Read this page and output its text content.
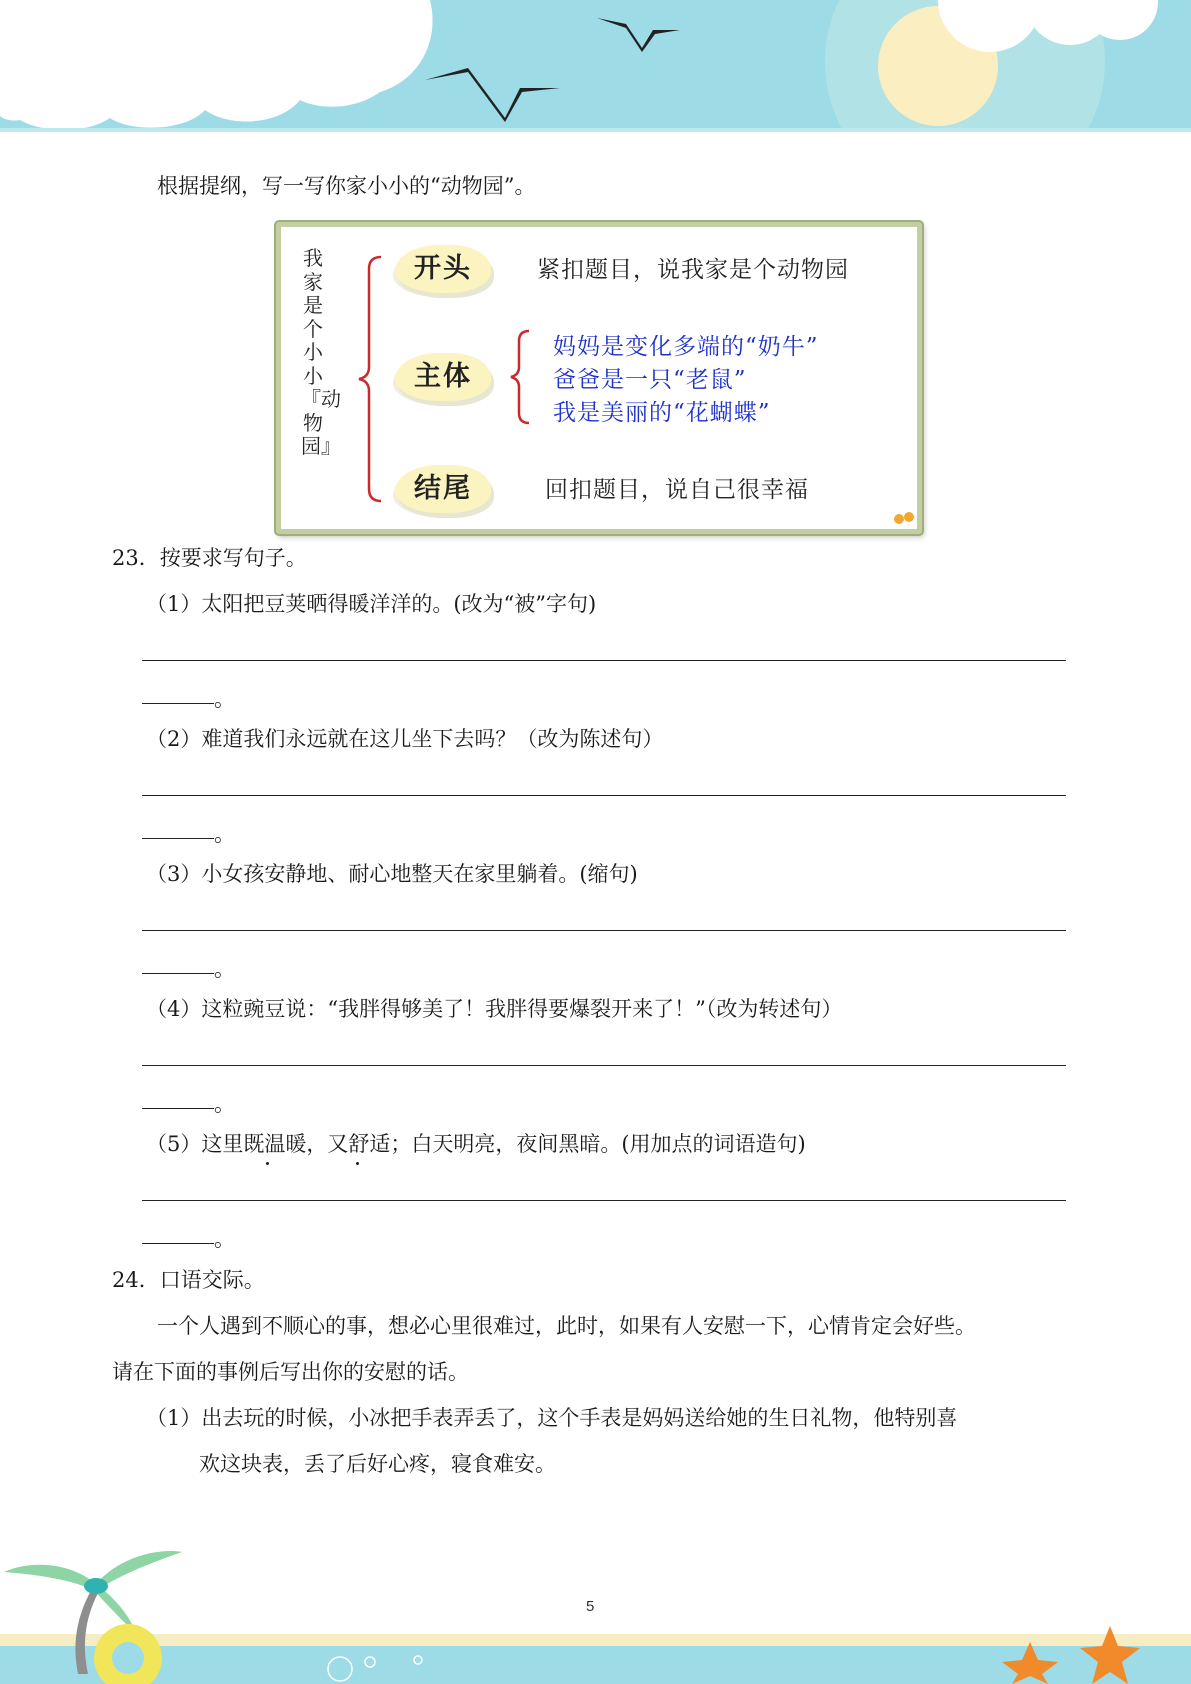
根据提纲，写一写你家小小的“动物园”。
我家是个小小『动物园』
开头	紧扣题目，说我家是个动物园
主体
妈妈是变化多端的“奶牛”
爸爸是一只“老鼠”
我是美丽的“花蝴蝶”
结尾	回扣题目，说自己很幸福
23．按要求写句子。
（1）太阳把豆荚晒得暖洋洋的。(改为“被”字句)
。
（2）难道我们永远就在这儿坐下去吗？（改为陈述句）
。
（3）小女孩安静地、耐心地整天在家里躺着。(缩句)
。
（4）这粒豌豆说：“我胖得够美了！我胖得要爆裂开来了！”（改为转述句）
。
（5）这里既温暖，又舒适；白天明亮，夜间黑暗。(用加点的词语造句)
。
24．口语交际。
一个人遇到不顺心的事，想必心里很难过，此时，如果有人安慰一下，心情肯定会好些。
请在下面的事例后写出你的安慰的话。
（1）出去玩的时候，小冰把手表弄丢了，这个手表是妈妈送给她的生日礼物，他特别喜
欢这块表，丢了后好心疼，寝食难安。
5
